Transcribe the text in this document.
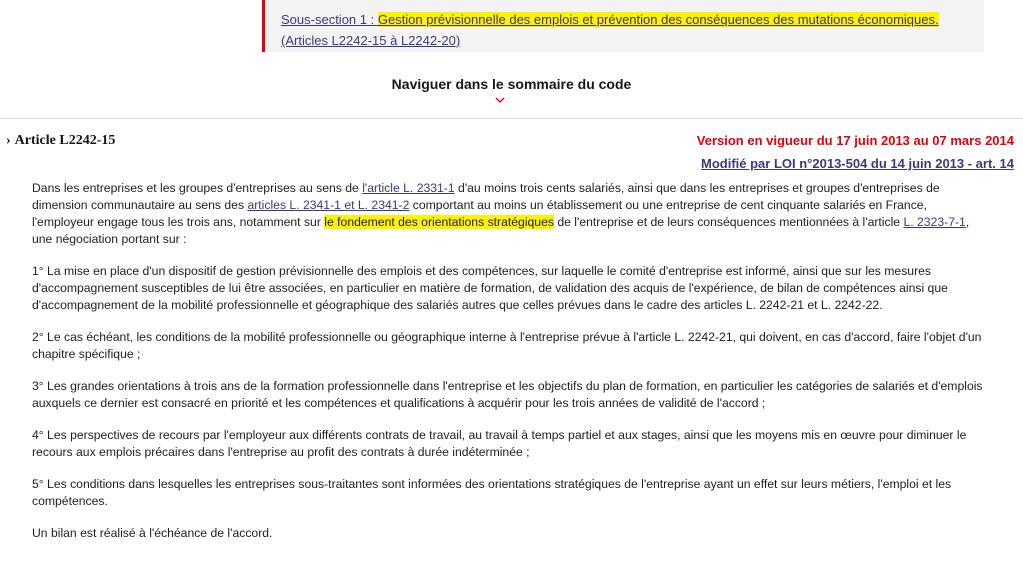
Sous-section 1 : Gestion prévisionnelle des emplois et prévention des conséquences des mutations économiques.
(Articles L2242-15 à L2242-20)
Naviguer dans le sommaire du code
› Article L2242-15	Version en vigueur du 17 juin 2013 au 07 mars 2014
Modifié par LOI n°2013-504 du 14 juin 2013 - art. 14

Dans les entreprises et les groupes d'entreprises au sens de l'article L. 2331-1 d'au moins trois cents salariés, ainsi que dans les entreprises et groupes d'entreprises de dimension communautaire au sens des articles L. 2341-1 et L. 2341-2 comportant au moins un établissement ou une entreprise de cent cinquante salariés en France, l'employeur engage tous les trois ans, notamment sur le fondement des orientations stratégiques de l'entreprise et de leurs conséquences mentionnées à l'article L. 2323-7-1, une négociation portant sur :

1° La mise en place d'un dispositif de gestion prévisionnelle des emplois et des compétences, sur laquelle le comité d'entreprise est informé, ainsi que sur les mesures d'accompagnement susceptibles de lui être associées, en particulier en matière de formation, de validation des acquis de l'expérience, de bilan de compétences ainsi que d'accompagnement de la mobilité professionnelle et géographique des salariés autres que celles prévues dans le cadre des articles L. 2242-21 et L. 2242-22.

2° Le cas échéant, les conditions de la mobilité professionnelle ou géographique interne à l'entreprise prévue à l'article L. 2242-21, qui doivent, en cas d'accord, faire l'objet d'un chapitre spécifique ;

3° Les grandes orientations à trois ans de la formation professionnelle dans l'entreprise et les objectifs du plan de formation, en particulier les catégories de salariés et d'emplois auxquels ce dernier est consacré en priorité et les compétences et qualifications à acquérir pour les trois années de validité de l'accord ;

4° Les perspectives de recours par l'employeur aux différents contrats de travail, au travail à temps partiel et aux stages, ainsi que les moyens mis en œuvre pour diminuer le recours aux emplois précaires dans l'entreprise au profit des contrats à durée indéterminée ;

5° Les conditions dans lesquelles les entreprises sous-traitantes sont informées des orientations stratégiques de l'entreprise ayant un effet sur leurs métiers, l'emploi et les compétences.

Un bilan est réalisé à l'échéance de l'accord.
